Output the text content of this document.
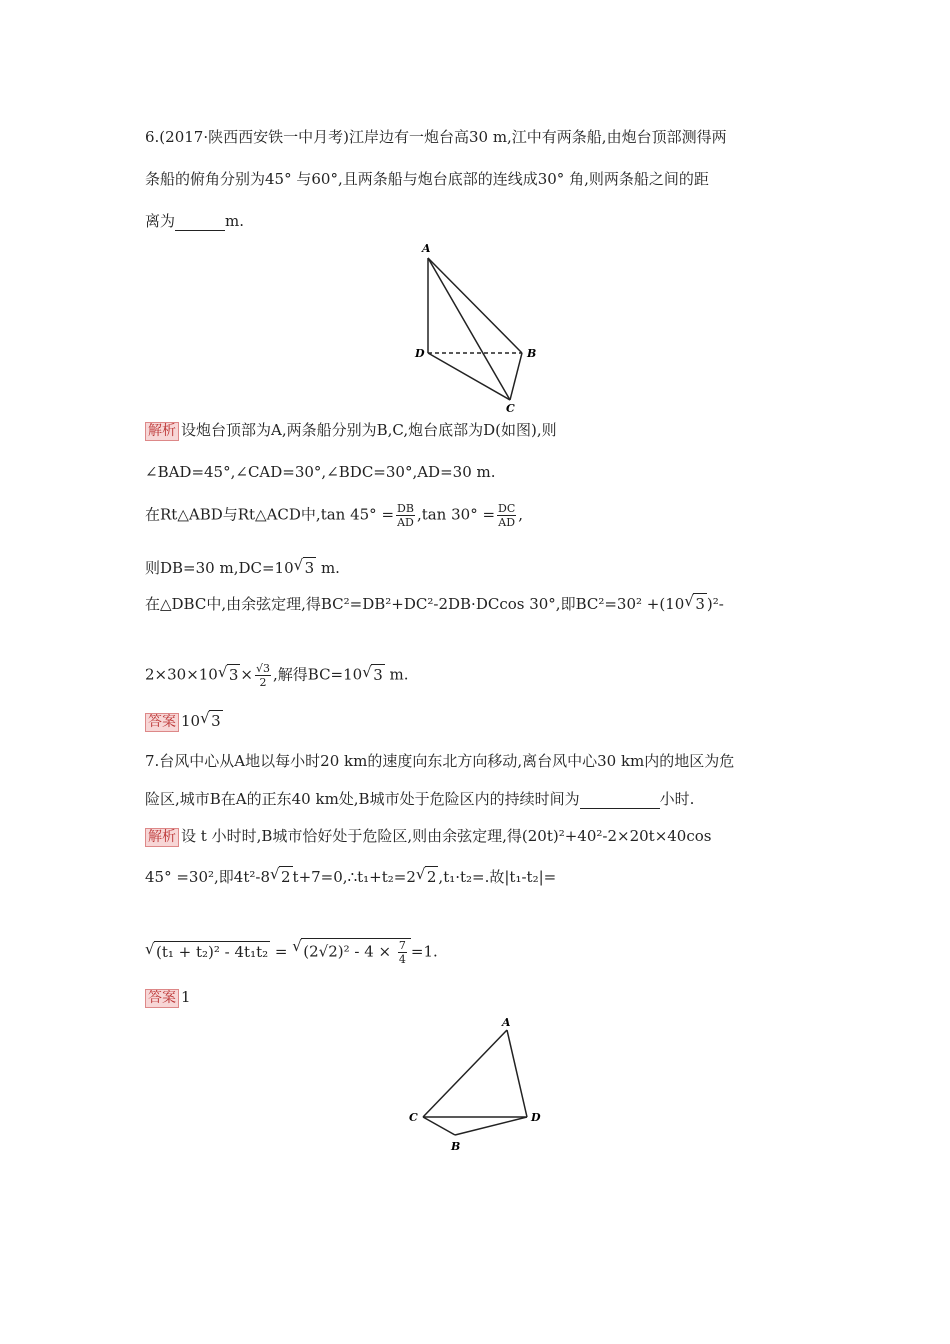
6.(2017·陕西西安铁一中月考)江岸边有一炮台高30 m,江中有两条船,由炮台顶部测得两
条船的俯角分别为45° 与60°,且两条船与炮台底部的连线成30° 角,则两条船之间的距
离为	m.
A
D	B
C
解析 设炮台顶部为A,两条船分别为B,C,炮台底部为D(如图),则
∠BAD=45°,∠CAD=30°,∠BDC=30°,AD=30 m.
在Rt△ABD与Rt△ACD中,tan $45^\circ = \frac{DB}{AD} ,\tan$ $30^\circ = \frac{DC}{AD}$ ,
则DB=30 m,DC=10 √ 3 m.
在△DBC中,由余弦定理,得BC²=DB²+DC²-2DB·DCcos 30°,即BC²=30² +(10 √ 3 )²-
2×30×10 √ $3 \times \frac{√3}{2}$ ,解得BC=10 √ 3 m.
答案 10 √ 3
7.台风中心从A地以每小时20 km的速度向东北方向移动,离台风中心30 km内的地区为危
险区,城市B在A的正东40 km处,B城市处于危险区内的持续时间为	小时.
解析 设 t 小时时,B城市恰好处于危险区,则由余弦定理,得(20t)²+40²-2×20t×40cos
45° =30²,即4t²-8 √ 2 t+7=0,∴t₁+t₂=2 √ 2 ,t₁·t₂=.故|t₁-t₂|=
√ (t₁ + t₂)² - 4t₁t₂ = √ $(2√2)^2 - 4 \times \frac{7}{4} =1$.
答案 1
A
C	D
B
